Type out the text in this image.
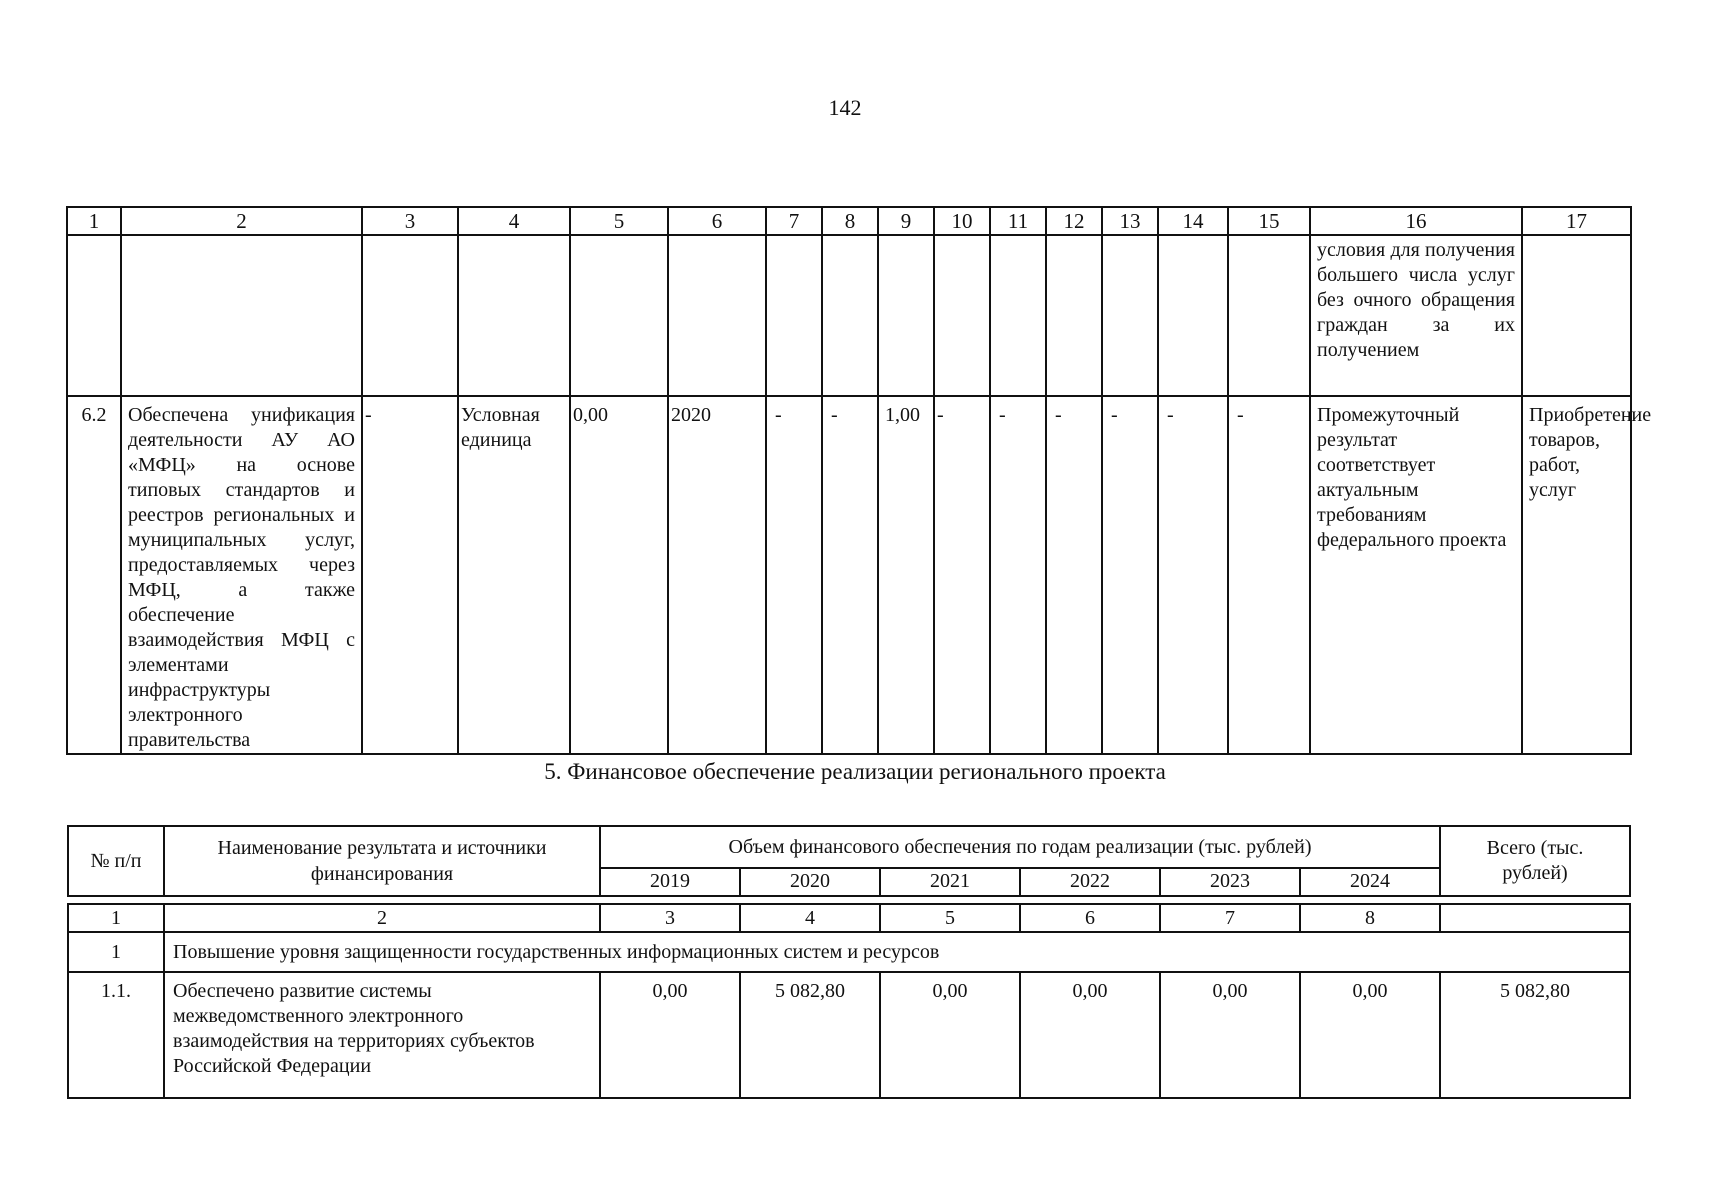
142
1	2	3	4	5	6	7	8	9	10	11	12	13	14	15	16	17
															условия для получения большего числа услуг без очного обращения граждан за их получением	
6.2	Обеспечена унификация деятельности АУ АО «МФЦ» на основе типовых стандартов и реестров региональных и муниципальных услуг, предоставляемых через МФЦ, а также обеспечение взаимодействия МФЦ с элементами инфраструктуры электронного правительства	-	Условная единица	0,00	2020	-	-	1,00	-	-	-	-	-	-	Промежуточный результат соответствует актуальным требованиям федерального проекта	Приобретение товаров, работ, услуг
5. Финансовое обеспечение реализации регионального проекта
№ п/п	Наименование результата и источники финансирования	Объем финансового обеспечения по годам реализации (тыс. рублей)						Всего (тыс. рублей)
		2019	2020	2021	2022	2023	2024	

1	2	3	4	5	6	7	8	
1	Повышение уровня защищенности государственных информационных систем и ресурсов							
1.1.	Обеспечено развитие системы межведомственного электронного взаимодействия на территориях субъектов Российской Федерации	0,00	5 082,80	0,00	0,00	0,00	0,00	5 082,80
